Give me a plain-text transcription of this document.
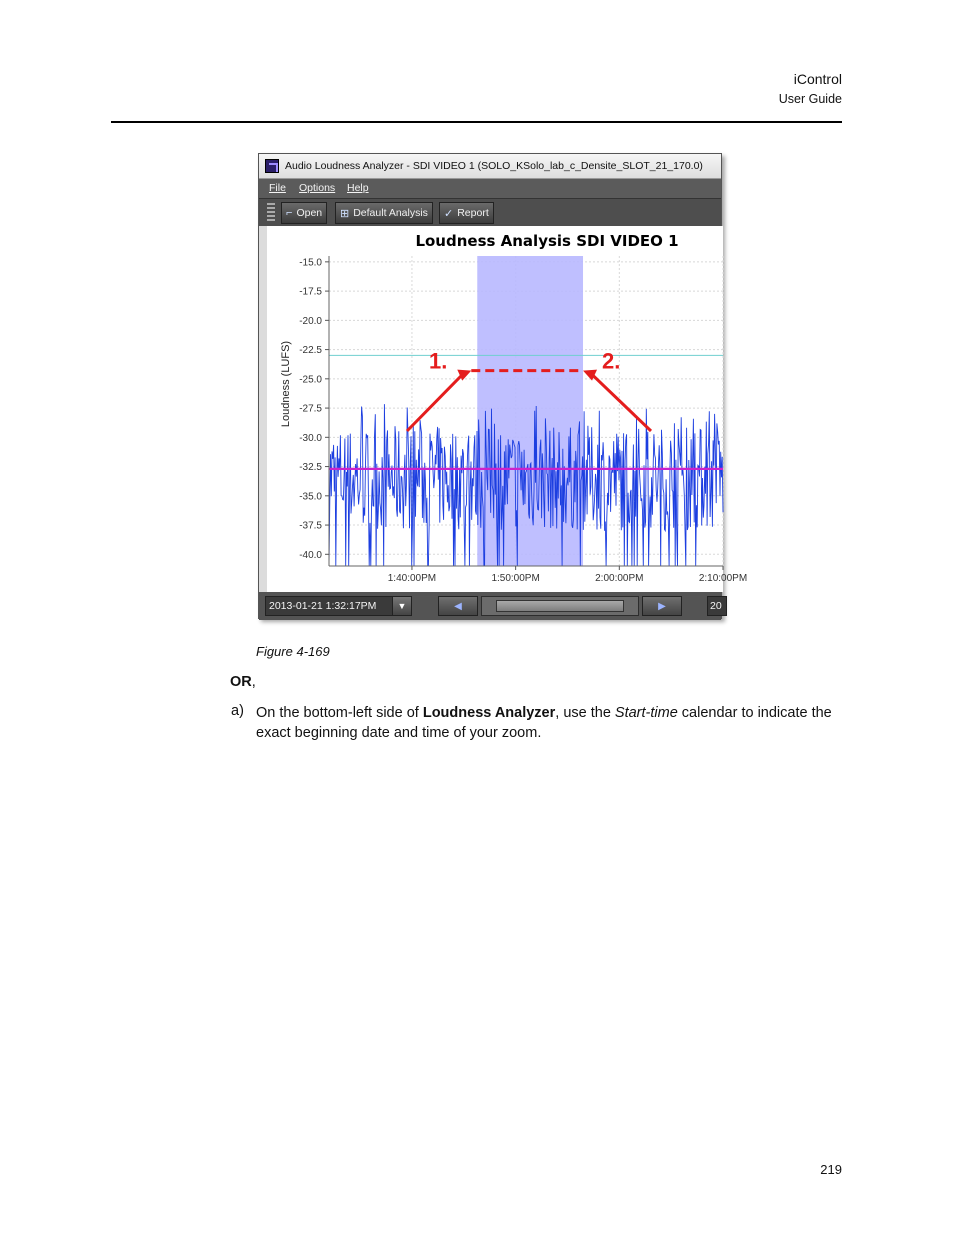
iControl
User Guide
Audio Loudness Analyzer - SDI VIDEO 1 (SOLO_KSolo_lab_c_Densite_SLOT_21_170.0)
File Options Help
⌐ Open ⊞ Default Analysis ✓ Report
Loudness Analysis SDI VIDEO 1
Loudness (LUFS)
-15.0
-17.5
-20.0
-22.5
-25.0
-27.5
-30.0
-32.5
-35.0
-37.5
-40.0
1:40:00PM	1:50:00PM	2:00:00PM	2:10:00PM
1.	2.
2013-01-21 1:32:17PM	▼	◀	▶	20
Figure 4-169
OR,
a) On the bottom-left side of Loudness Analyzer, use the Start-time calendar to indicate the exact beginning date and time of your zoom.
219
